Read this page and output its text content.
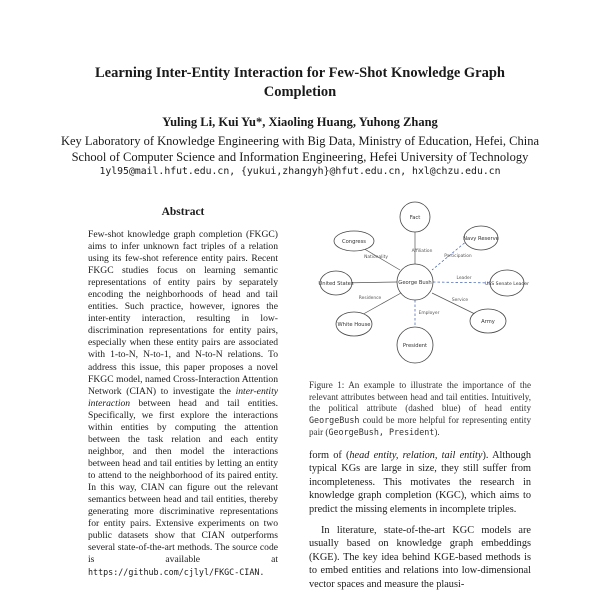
Learning Inter-Entity Interaction for Few-Shot Knowledge Graph
Completion
Yuling Li, Kui Yu*, Xiaoling Huang, Yuhong Zhang
Key Laboratory of Knowledge Engineering with Big Data, Ministry of Education, Hefei, China
School of Computer Science and Information Engineering, Hefei University of Technology
1yl95@mail.hfut.edu.cn, {yukui,zhangyh}@hfut.edu.cn, hxl@chzu.edu.cn
Abstract
Few-shot knowledge graph completion (FKGC) aims to infer unknown fact triples of a relation using its few-shot reference entity pairs. Recent FKGC studies focus on learning semantic representations of entity pairs by separately encoding the neighborhoods of head and tail entities. Such practice, however, ignores the inter-entity interaction, resulting in low-discrimination representations for entity pairs, especially when these entity pairs are associated with 1-to-N, N-to-1, and N-to-N relations. To address this issue, this paper proposes a novel FKGC model, named Cross-Interaction Attention Network (CIAN) to investigate the inter-entity interaction between head and tail entities. Specifically, we first explore the interactions within entities by computing the attention between the task relation and each entity neighbor, and then model the interactions between head and tail entities by letting an entity to attend to the neighborhood of its paired entity. In this way, CIAN can figure out the relevant semantics between head and tail entities, thereby generating more discriminative representations for entity pairs. Extensive experiments on two public datasets show that CIAN outperforms several state-of-the-art methods. The source code is available at https://github.com/cjlyl/FKGC-CIAN.
Fact
Congress	Navy Reserve
United States	George Bush	USS Senate Leader
White House	Army
President
Affiliation
Nationality	Participation
Leader
Residence	Service
Employer
Figure 1: An example to illustrate the importance of the relevant attributes between head and tail entities. Intuitively, the political attribute (dashed blue) of head entity GeorgeBush could be more helpful for representing entity pair (GeorgeBush, President).

form of (head entity, relation, tail entity). Although typical KGs are large in size, they still suffer from incompleteness. This motivates the research in knowledge graph completion (KGC), which aims to predict the missing elements in incomplete triples.

In literature, state-of-the-art KGC models are usually based on knowledge graph embeddings (KGE). The key idea behind KGE-based methods is to embed entities and relations into low-dimensional vector spaces and measure the plausi-
